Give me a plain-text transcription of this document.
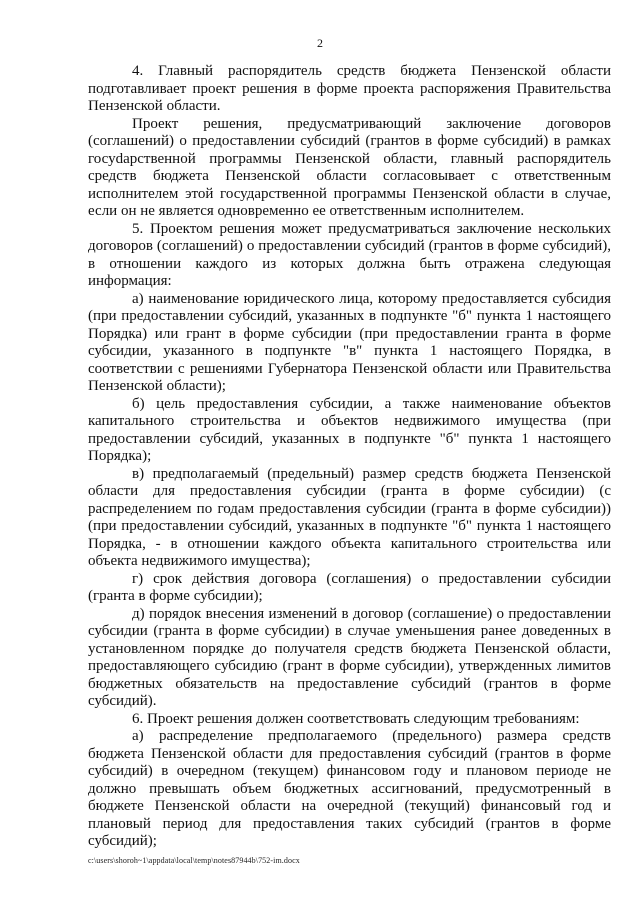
2

4. Главный распорядитель средств бюджета Пензенской области подготавливает проект решения в форме проекта распоряжения Правительства Пензенской области.

Проект решения, предусматривающий заключение договоров (соглашений) о предоставлении субсидий (грантов в форме субсидий) в рамках госуdарственной программы Пензенской области, главный распорядитель средств бюджета Пензенской области согласовывает с ответственным исполнителем этой государственной программы Пензенской области в случае, если он не является одновременно ее ответственным исполнителем.

5. Проектом решения может предусматриваться заключение нескольких договоров (соглашений) о предоставлении субсидий (грантов в форме субсидий), в отношении каждого из которых должна быть отражена следующая информация:

а) наименование юридического лица, которому предоставляется субсидия (при предоставлении субсидий, указанных в подпункте "б" пункта 1 настоящего Порядка) или грант в форме субсидии (при предоставлении гранта в форме субсидии, указанного в подпункте "в" пункта 1 настоящего Порядка, в соответствии с решениями Губернатора Пензенской области или Правительства Пензенской области);

б) цель предоставления субсидии, а также наименование объектов капитального строительства и объектов недвижимого имущества (при предоставлении субсидий, указанных в подпункте "б" пункта 1 настоящего Порядка);

в) предполагаемый (предельный) размер средств бюджета Пензенской области для предоставления субсидии (гранта в форме субсидии) (с распределением по годам предоставления субсидии (гранта в форме субсидии)) (при предоставлении субсидий, указанных в подпункте "б" пункта 1 настоящего Порядка, - в отношении каждого объекта капитального строительства или объекта недвижимого имущества);

г) срок действия договора (соглашения) о предоставлении субсидии (гранта в форме субсидии);

д) порядок внесения изменений в договор (соглашение) о предоставлении субсидии (гранта в форме субсидии) в случае уменьшения ранее доведенных в установленном порядке до получателя средств бюджета Пензенской области, предоставляющего субсидию (грант в форме субсидии), утвержденных лимитов бюджетных обязательств на предоставление субсидий (грантов в форме субсидий).

6. Проект решения должен соответствовать следующим требованиям:

а) распределение предполагаемого (предельного) размера средств бюджета Пензенской области для предоставления субсидий (грантов в форме субсидий) в очередном (текущем) финансовом году и плановом периоде не должно превышать объем бюджетных ассигнований, предусмотренный в бюджете Пензенской области на очередной (текущий) финансовый год и плановый период для предоставления таких субсидий (грантов в форме субсидий);

c:\users\shoroh~1\appdata\local\temp\notes87944b\752-im.docx
